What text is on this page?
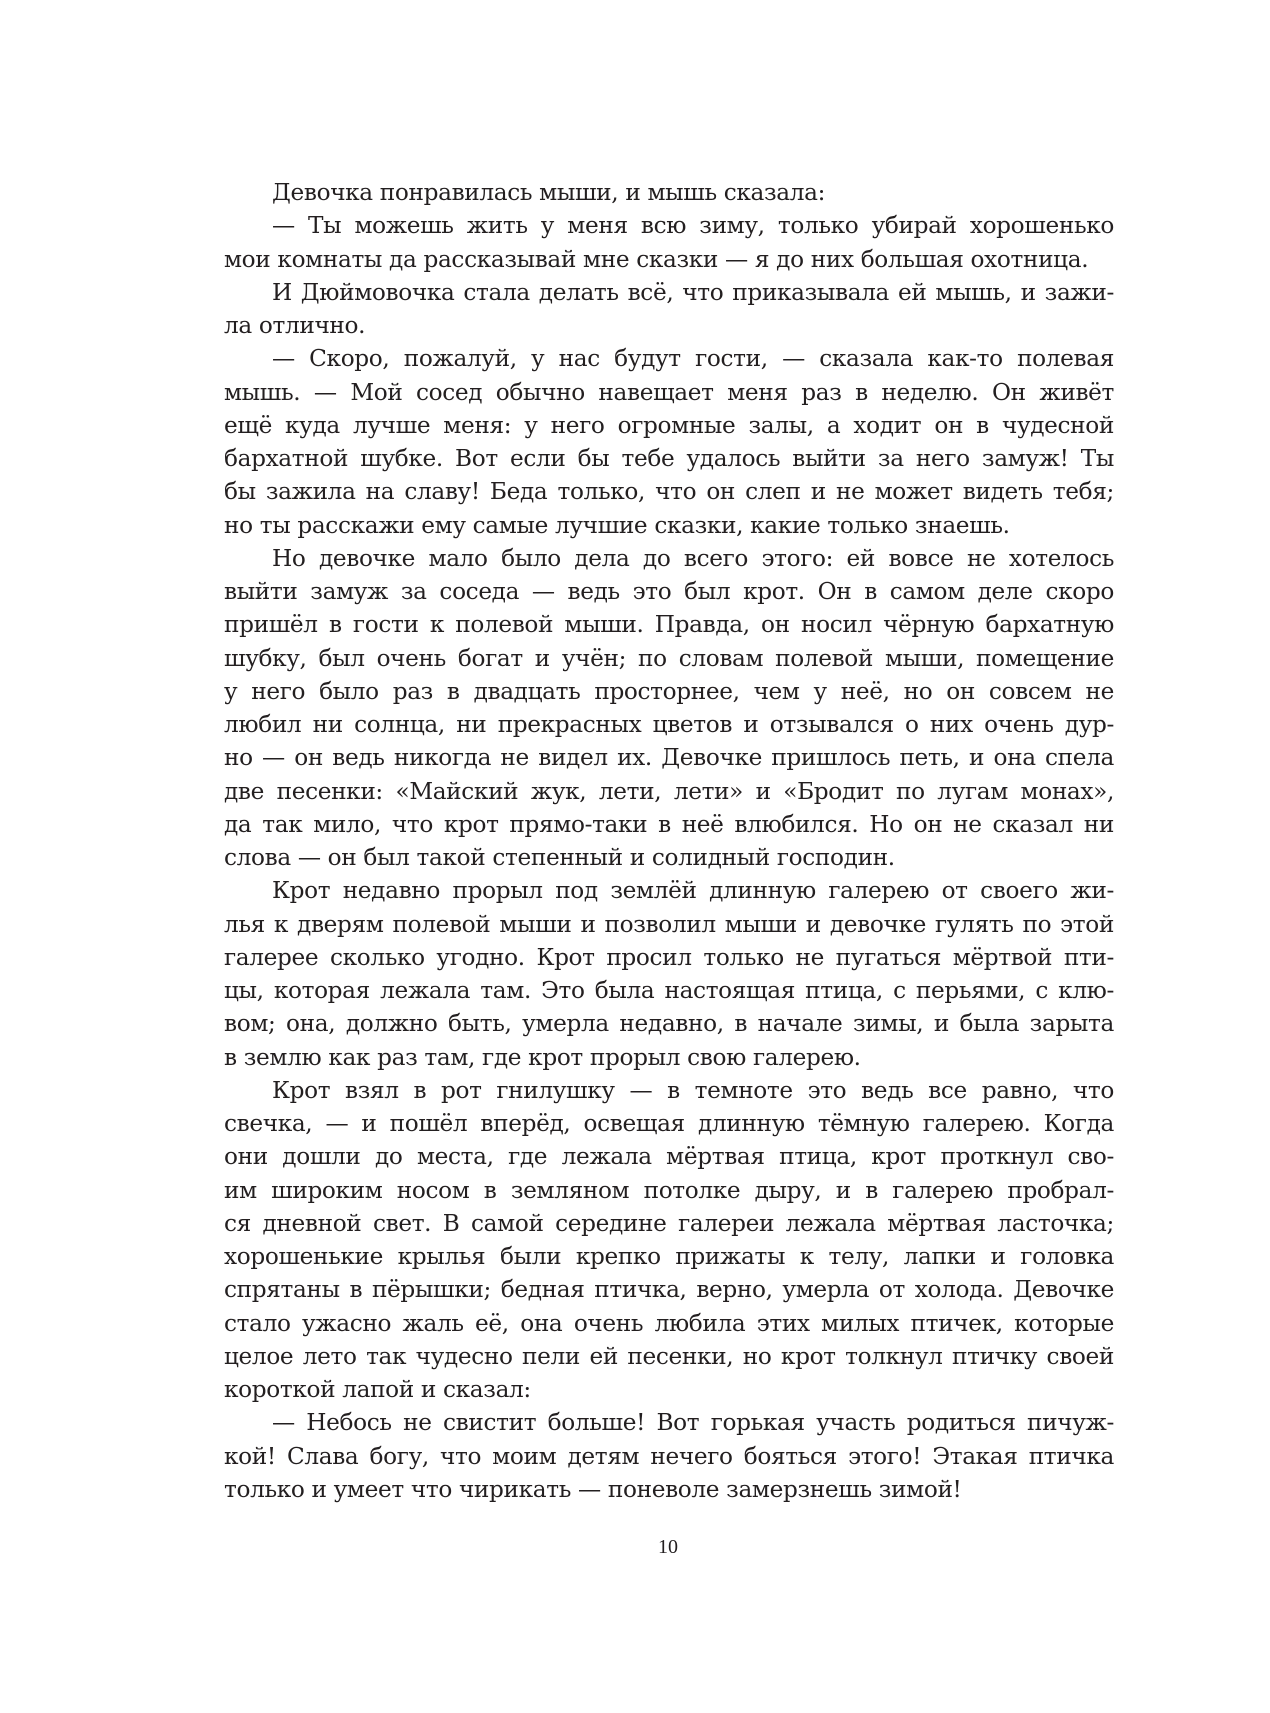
Девочка понравилась мыши, и мышь сказала:
— Ты можешь жить у меня всю зиму, только убирай хорошенько
мои комнаты да рассказывай мне сказки — я до них большая охотница.
И Дюймовочка стала делать всё, что приказывала ей мышь, и зажи-
ла отлично.
— Скоро, пожалуй, у нас будут гости, — сказала как-то полевая
мышь. — Мой сосед обычно навещает меня раз в неделю. Он живёт
ещё куда лучше меня: у него огромные залы, а ходит он в чудесной
бархатной шубке. Вот если бы тебе удалось выйти за него замуж! Ты
бы зажила на славу! Беда только, что он слеп и не может видеть тебя;
но ты расскажи ему самые лучшие сказки, какие только знаешь.
Но девочке мало было дела до всего этого: ей вовсе не хотелось
выйти замуж за соседа — ведь это был крот. Он в самом деле скоро
пришёл в гости к полевой мыши. Правда, он носил чёрную бархатную
шубку, был очень богат и учён; по словам полевой мыши, помещение
у него было раз в двадцать просторнее, чем у неё, но он совсем не
любил ни солнца, ни прекрасных цветов и отзывался о них очень дур-
но — он ведь никогда не видел их. Девочке пришлось петь, и она спела
две песенки: «Майский жук, лети, лети» и «Бродит по лугам монах»,
да так мило, что крот прямо-таки в неё влюбился. Но он не сказал ни
слова — он был такой степенный и солидный господин.
Крот недавно прорыл под землёй длинную галерею от своего жи-
лья к дверям полевой мыши и позволил мыши и девочке гулять по этой
галерее сколько угодно. Крот просил только не пугаться мёртвой пти-
цы, которая лежала там. Это была настоящая птица, с перьями, с клю-
вом; она, должно быть, умерла недавно, в начале зимы, и была зарыта
в землю как раз там, где крот прорыл свою галерею.
Крот взял в рот гнилушку — в темноте это ведь все равно, что
свечка, — и пошёл вперёд, освещая длинную тёмную галерею. Когда
они дошли до места, где лежала мёртвая птица, крот проткнул сво-
им широким носом в земляном потолке дыру, и в галерею пробрал-
ся дневной свет. В самой середине галереи лежала мёртвая ласточка;
хорошенькие крылья были крепко прижаты к телу, лапки и головка
спрятаны в пёрышки; бедная птичка, верно, умерла от холода. Девочке
стало ужасно жаль её, она очень любила этих милых птичек, которые
целое лето так чудесно пели ей песенки, но крот толкнул птичку своей
короткой лапой и сказал:
— Небось не свистит больше! Вот горькая участь родиться пичуж-
кой! Слава богу, что моим детям нечего бояться этого! Этакая птичка
только и умеет что чирикать — поневоле замерзнешь зимой!
10
